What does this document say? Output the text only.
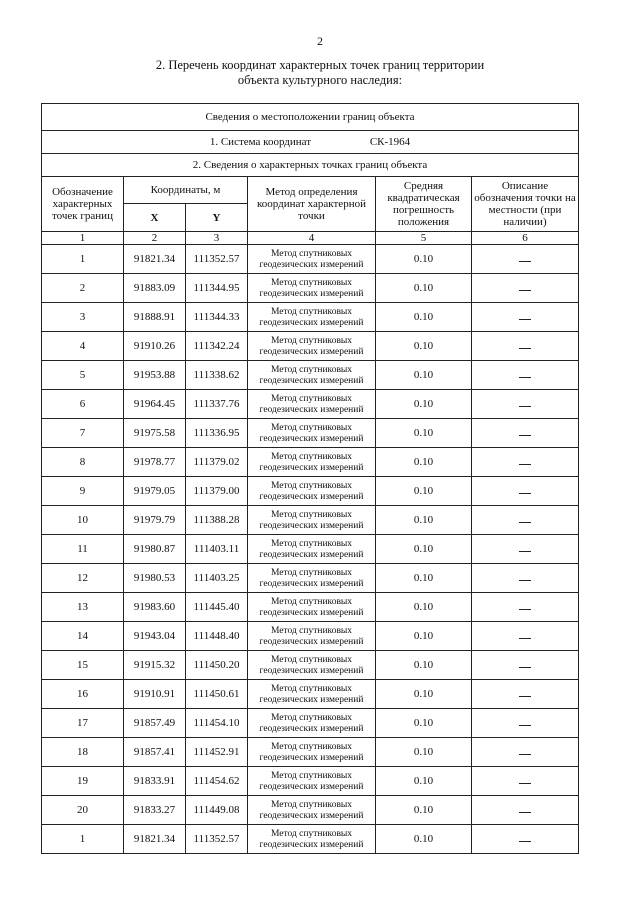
2
2. Перечень координат характерных точек границ территории
объекта культурного наследия:
Сведения о местоположении границ объекта					
1. Система координат СК-1964					
2. Сведения о характерных точках границ объекта					
Обозначение характерных точек границ	Координаты, м		Метод определения координат характерной точки	Средняя квадратическая погрешность положения	Описание обозначения точки на местности (при наличии)
	X	Y			
1	2	3	4	5	6
1	91821.34	111352.57	Метод спутниковых геодезических измерений	0.10	
2	91883.09	111344.95	Метод спутниковых геодезических измерений	0.10	
3	91888.91	111344.33	Метод спутниковых геодезических измерений	0.10	
4	91910.26	111342.24	Метод спутниковых геодезических измерений	0.10	
5	91953.88	111338.62	Метод спутниковых геодезических измерений	0.10	
6	91964.45	111337.76	Метод спутниковых геодезических измерений	0.10	
7	91975.58	111336.95	Метод спутниковых геодезических измерений	0.10	
8	91978.77	111379.02	Метод спутниковых геодезических измерений	0.10	
9	91979.05	111379.00	Метод спутниковых геодезических измерений	0.10	
10	91979.79	111388.28	Метод спутниковых геодезических измерений	0.10	
11	91980.87	111403.11	Метод спутниковых геодезических измерений	0.10	
12	91980.53	111403.25	Метод спутниковых геодезических измерений	0.10	
13	91983.60	111445.40	Метод спутниковых геодезических измерений	0.10	
14	91943.04	111448.40	Метод спутниковых геодезических измерений	0.10	
15	91915.32	111450.20	Метод спутниковых геодезических измерений	0.10	
16	91910.91	111450.61	Метод спутниковых геодезических измерений	0.10	
17	91857.49	111454.10	Метод спутниковых геодезических измерений	0.10	
18	91857.41	111452.91	Метод спутниковых геодезических измерений	0.10	
19	91833.91	111454.62	Метод спутниковых геодезических измерений	0.10	
20	91833.27	111449.08	Метод спутниковых геодезических измерений	0.10	
1	91821.34	111352.57	Метод спутниковых геодезических измерений	0.10	
